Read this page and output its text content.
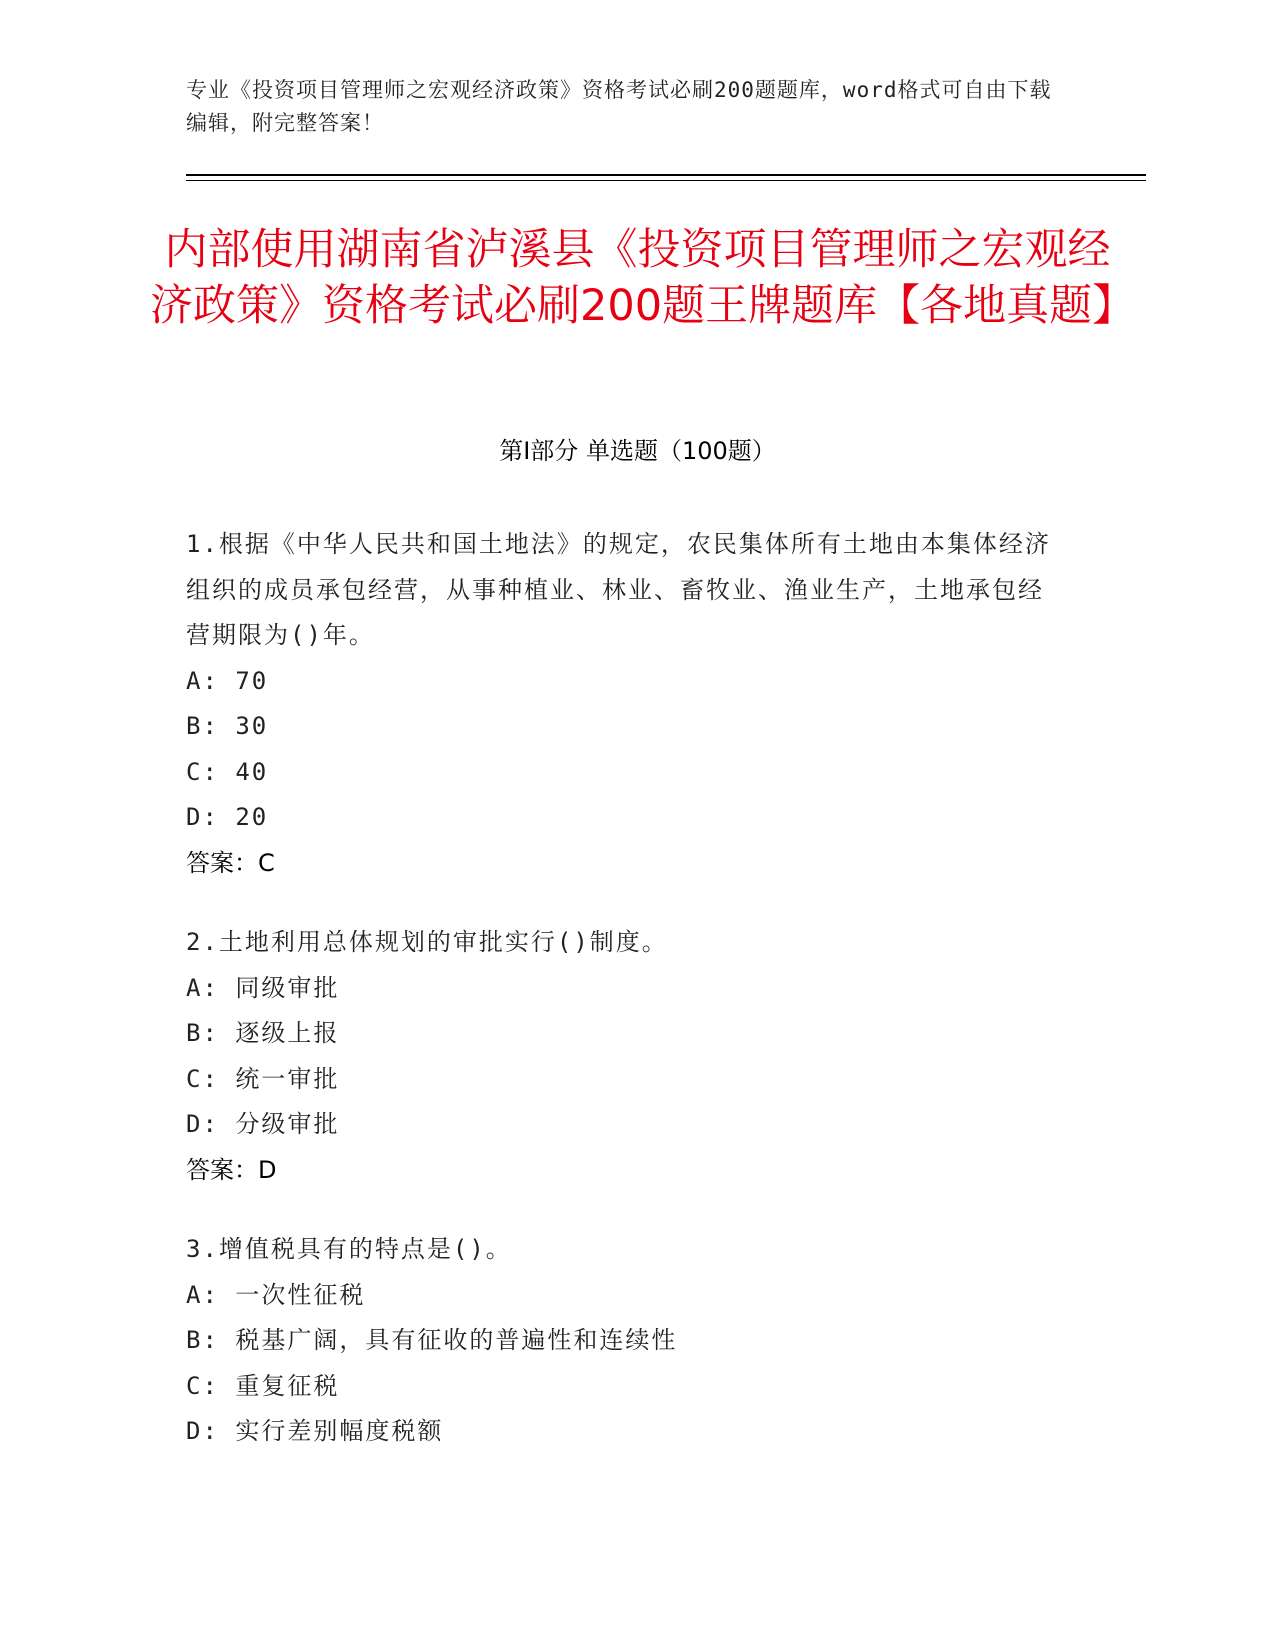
专业《投资项目管理师之宏观经济政策》资格考试必刷200题题库，word格式可自由下载编辑，附完整答案！
内部使用湖南省泸溪县《投资项目管理师之宏观经济政策》资格考试必刷200题王牌题库【各地真题】
第Ⅰ部分 单选题（100题）

1.根据《中华人民共和国土地法》的规定，农民集体所有土地由本集体经济组织的成员承包经营，从事种植业、林业、畜牧业、渔业生产，土地承包经营期限为()年。

A: 70

B: 30

C: 40

D: 20

答案：C

2.土地利用总体规划的审批实行()制度。

A: 同级审批

B: 逐级上报

C: 统一审批

D: 分级审批

答案：D

3.增值税具有的特点是()。

A: 一次性征税

B: 税基广阔，具有征收的普遍性和连续性

C: 重复征税

D: 实行差别幅度税额
